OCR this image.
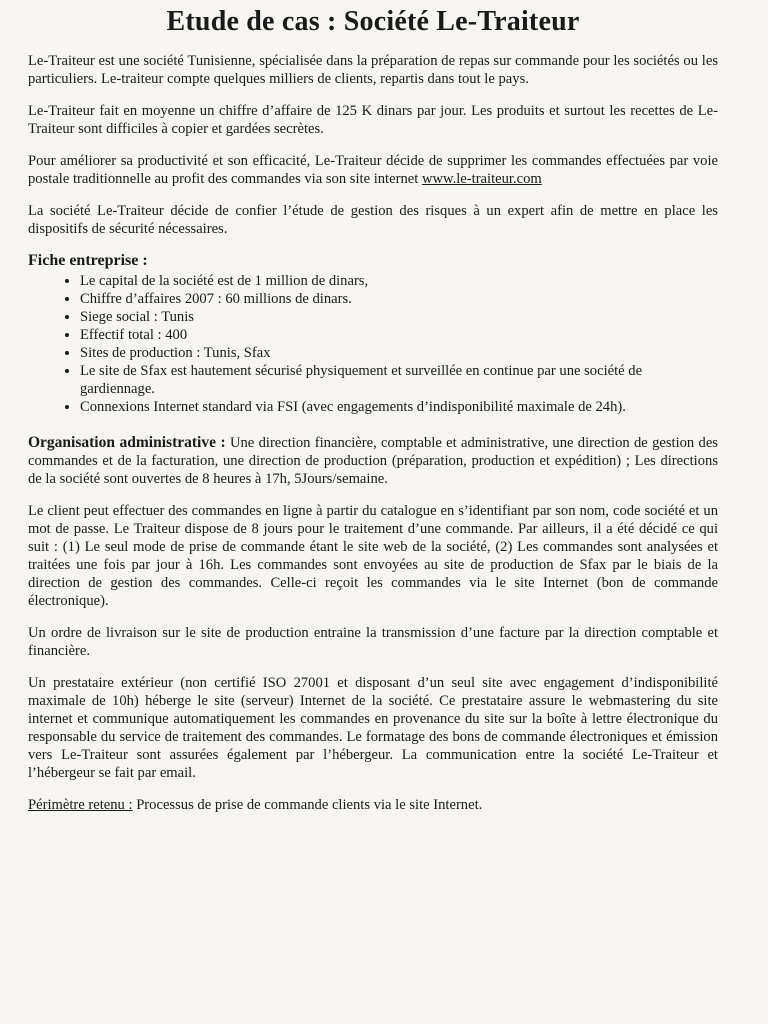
Etude de cas : Société Le-Traiteur

Le-Traiteur est une société Tunisienne, spécialisée dans la préparation de repas sur commande pour les sociétés ou les particuliers. Le-traiteur compte quelques milliers de clients, repartis dans tout le pays.

Le-Traiteur fait en moyenne un chiffre d’affaire de 125 K dinars par jour. Les produits et surtout les recettes de Le-Traiteur sont difficiles à copier et gardées secrètes.

Pour améliorer sa productivité et son efficacité, Le-Traiteur décide de supprimer les commandes effectuées par voie postale traditionnelle au profit des commandes via son site internet www.le-traiteur.com

La société Le-Traiteur décide de confier l’étude de gestion des risques à un expert afin de mettre en place les dispositifs de sécurité nécessaires.

Fiche entreprise :
• Le capital de la société est de 1 million de dinars,
• Chiffre d’affaires 2007 : 60 millions de dinars.
• Siege social : Tunis
• Effectif total : 400
• Sites de production : Tunis, Sfax
• Le site de Sfax est hautement sécurisé physiquement et surveillée en continue par une société de gardiennage.
• Connexions Internet standard via FSI (avec engagements d’indisponibilité maximale de 24h).

Organisation administrative : Une direction financière, comptable et administrative, une direction de gestion des commandes et de la facturation, une direction de production (préparation, production et expédition) ; Les directions de la société sont ouvertes de 8 heures à 17h, 5Jours/semaine.

Le client peut effectuer des commandes en ligne à partir du catalogue en s’identifiant par son nom, code société et un mot de passe. Le Traiteur dispose de 8 jours pour le traitement d’une commande. Par ailleurs, il a été décidé ce qui suit : (1) Le seul mode de prise de commande étant le site web de la société, (2) Les commandes sont analysées et traitées une fois par jour à 16h. Les commandes sont envoyées au site de production de Sfax par le biais de la direction de gestion des commandes. Celle-ci reçoit les commandes via le site Internet (bon de commande électronique).

Un ordre de livraison sur le site de production entraine la transmission d’une facture par la direction comptable et financière.

Un prestataire extérieur (non certifié ISO 27001 et disposant d’un seul site avec engagement d’indisponibilité maximale de 10h) héberge le site (serveur) Internet de la société. Ce prestataire assure le webmastering du site internet et communique automatiquement les commandes en provenance du site sur la boîte à lettre électronique du responsable du service de traitement des commandes. Le formatage des bons de commande électroniques et émission vers Le-Traiteur sont assurées également par l’hébergeur. La communication entre la société Le-Traiteur et l’hébergeur se fait par email.

Périmètre retenu : Processus de prise de commande clients via le site Internet.
